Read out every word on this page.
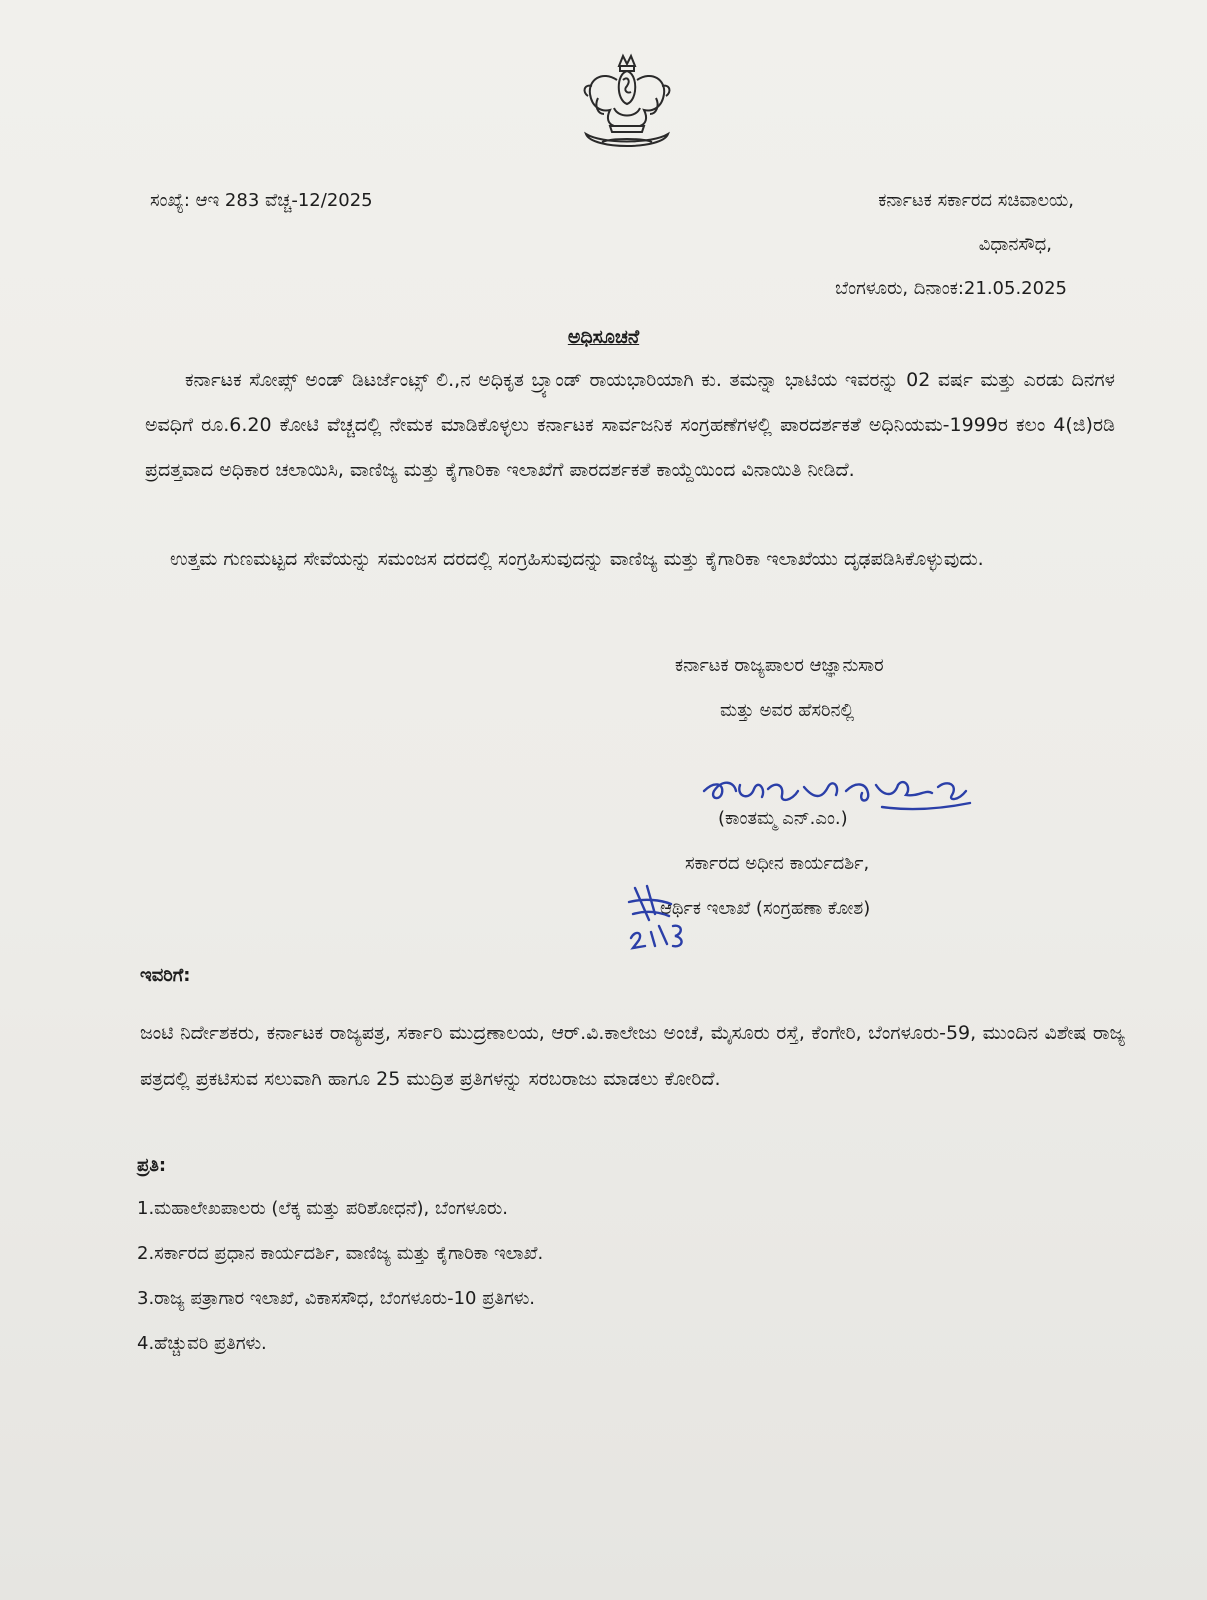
ಸಂಖ್ಯೆ: ಆಇ 283 ವೆಚ್ಚ-12/2025	ಕರ್ನಾಟಕ ಸರ್ಕಾರದ ಸಚಿವಾಲಯ,
ವಿಧಾನಸೌಧ,
ಬೆಂಗಳೂರು, ದಿನಾಂಕ:21.05.2025
ಅಧಿಸೂಚನೆ
ಕರ್ನಾಟಕ ಸೋಪ್ಸ್ ಅಂಡ್ ಡಿಟರ್ಜೆಂಟ್ಸ್ ಲಿ.,ನ ಅಧಿಕೃತ ಬ್ರ್ಯಾಂಡ್ ರಾಯಭಾರಿಯಾಗಿ ಕು. ತಮನ್ನಾ ಭಾಟಿಯ ಇವರನ್ನು 02 ವರ್ಷ ಮತ್ತು ಎರಡು ದಿನಗಳ ಅವಧಿಗೆ ರೂ.6.20 ಕೋಟಿ ವೆಚ್ಚದಲ್ಲಿ ನೇಮಕ ಮಾಡಿಕೊಳ್ಳಲು ಕರ್ನಾಟಕ ಸಾರ್ವಜನಿಕ ಸಂಗ್ರಹಣೆಗಳಲ್ಲಿ ಪಾರದರ್ಶಕತೆ ಅಧಿನಿಯಮ-1999ರ ಕಲಂ 4(ಜಿ)ರಡಿ ಪ್ರದತ್ತವಾದ ಅಧಿಕಾರ ಚಲಾಯಿಸಿ, ವಾಣಿಜ್ಯ ಮತ್ತು ಕೈಗಾರಿಕಾ ಇಲಾಖೆಗೆ ಪಾರದರ್ಶಕತೆ ಕಾಯ್ದೆಯಿಂದ ವಿನಾಯಿತಿ ನೀಡಿದೆ.
ಉತ್ತಮ ಗುಣಮಟ್ಟದ ಸೇವೆಯನ್ನು ಸಮಂಜಸ ದರದಲ್ಲಿ ಸಂಗ್ರಹಿಸುವುದನ್ನು ವಾಣಿಜ್ಯ ಮತ್ತು ಕೈಗಾರಿಕಾ ಇಲಾಖೆಯು ದೃಢಪಡಿಸಿಕೊಳ್ಳುವುದು.
ಕರ್ನಾಟಕ ರಾಜ್ಯಪಾಲರ ಆಜ್ಞಾನುಸಾರ
ಮತ್ತು ಅವರ ಹೆಸರಿನಲ್ಲಿ
(ಕಾಂತಮ್ಮ ಎನ್.ಎಂ.)
ಸರ್ಕಾರದ ಅಧೀನ ಕಾರ್ಯದರ್ಶಿ,
ಆರ್ಥಿಕ ಇಲಾಖೆ (ಸಂಗ್ರಹಣಾ ಕೋಶ)
ಇವರಿಗೆ:
ಜಂಟಿ ನಿರ್ದೇಶಕರು, ಕರ್ನಾಟಕ ರಾಜ್ಯಪತ್ರ, ಸರ್ಕಾರಿ ಮುದ್ರಣಾಲಯ, ಆರ್.ವಿ.ಕಾಲೇಜು ಅಂಚೆ, ಮೈಸೂರು ರಸ್ತೆ, ಕೆಂಗೇರಿ, ಬೆಂಗಳೂರು-59, ಮುಂದಿನ ವಿಶೇಷ ರಾಜ್ಯ ಪತ್ರದಲ್ಲಿ ಪ್ರಕಟಿಸುವ ಸಲುವಾಗಿ ಹಾಗೂ 25 ಮುದ್ರಿತ ಪ್ರತಿಗಳನ್ನು ಸರಬರಾಜು ಮಾಡಲು ಕೋರಿದೆ.
ಪ್ರತಿ:
1.ಮಹಾಲೇಖಪಾಲರು (ಲೆಕ್ಕ ಮತ್ತು ಪರಿಶೋಧನೆ), ಬೆಂಗಳೂರು.
2.ಸರ್ಕಾರದ ಪ್ರಧಾನ ಕಾರ್ಯದರ್ಶಿ, ವಾಣಿಜ್ಯ ಮತ್ತು ಕೈಗಾರಿಕಾ ಇಲಾಖೆ.
3.ರಾಜ್ಯ ಪತ್ರಾಗಾರ ಇಲಾಖೆ, ವಿಕಾಸಸೌಧ, ಬೆಂಗಳೂರು-10 ಪ್ರತಿಗಳು.
4.ಹೆಚ್ಚುವರಿ ಪ್ರತಿಗಳು.
